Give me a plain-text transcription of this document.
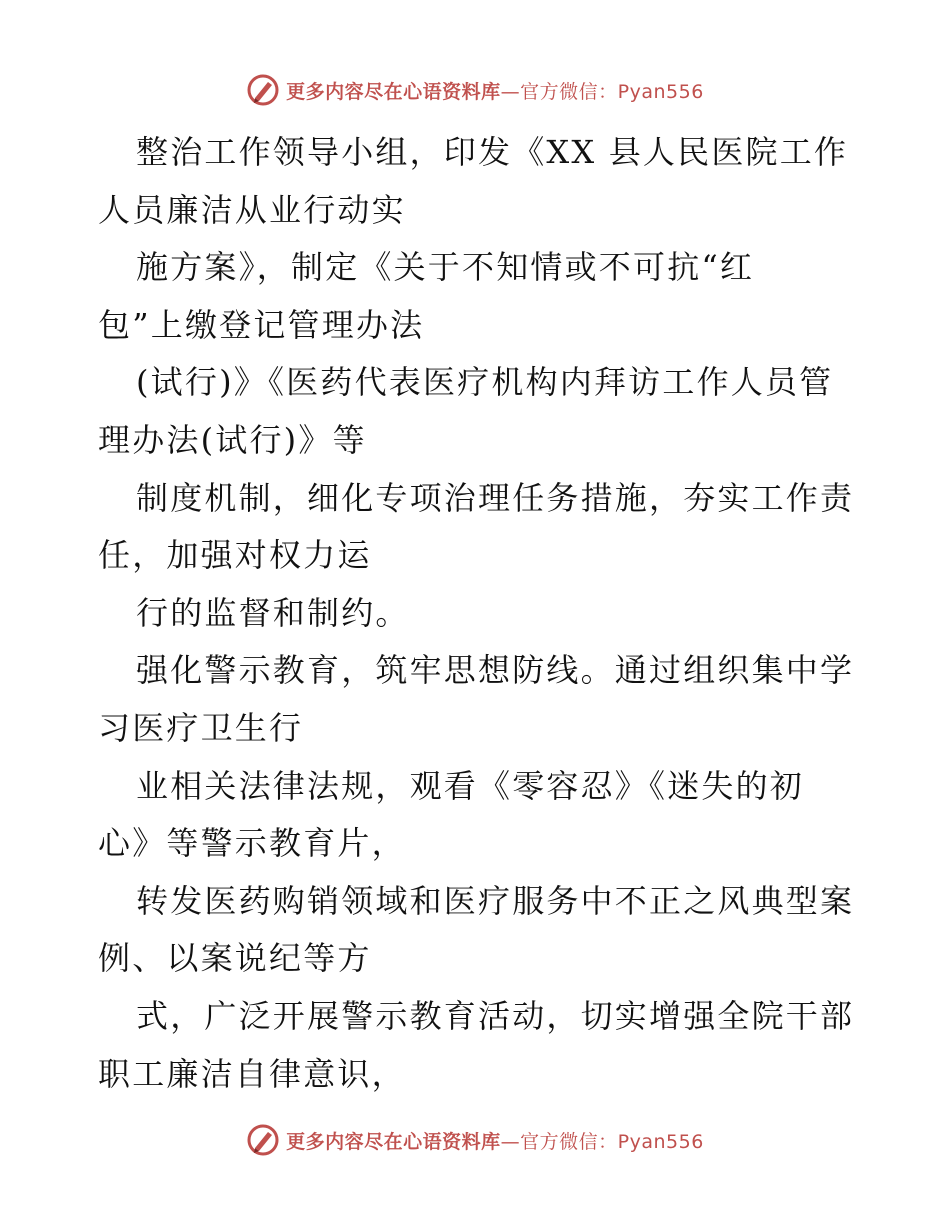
更多内容尽在心语资料库—官方微信：Pyan556
整治工作领导小组，印发《XX 县人民医院工作
人员廉洁从业行动实
施方案》，制定《关于不知情或不可抗“红
包”上缴登记管理办法
(试行)》《医药代表医疗机构内拜访工作人员管
理办法(试行)》等
制度机制，细化专项治理任务措施，夯实工作责
任，加强对权力运
行的监督和制约。
强化警示教育，筑牢思想防线。通过组织集中学
习医疗卫生行
业相关法律法规，观看《零容忍》《迷失的初
心》等警示教育片，
转发医药购销领域和医疗服务中不正之风典型案
例、以案说纪等方
式，广泛开展警示教育活动，切实增强全院干部
职工廉洁自律意识，
更多内容尽在心语资料库—官方微信：Pyan556
